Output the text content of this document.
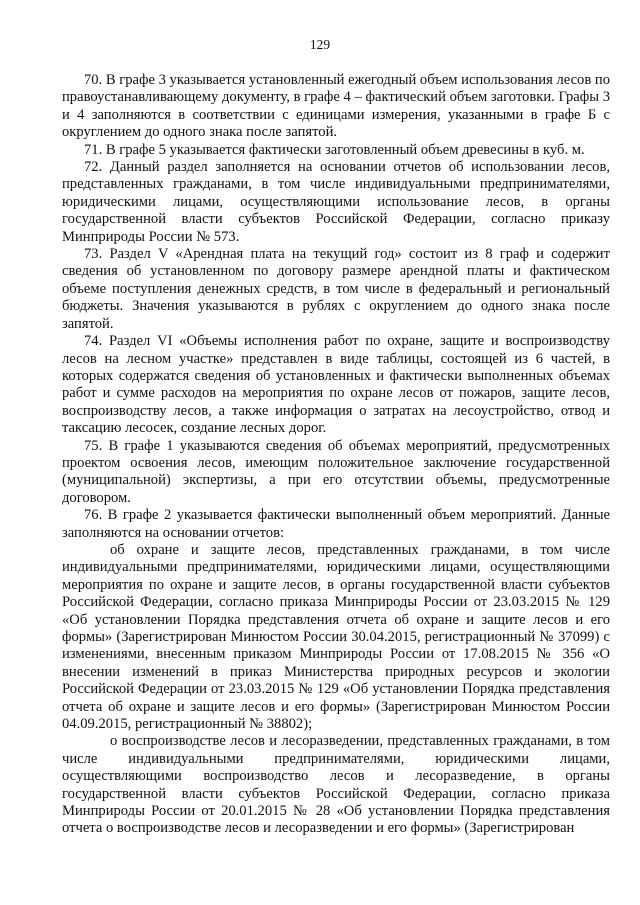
129

70. В графе 3 указывается установленный ежегодный объем использования лесов по правоустанавливающему документу, в графе 4 – фактический объем заготовки. Графы 3 и 4 заполняются в соответствии с единицами измерения, указанными в графе Б с округлением до одного знака после запятой.

71. В графе 5 указывается фактически заготовленный объем древесины в куб. м.

72. Данный раздел заполняется на основании отчетов об использовании лесов, представленных гражданами, в том числе индивидуальными предпринимателями, юридическими лицами, осуществляющими использование лесов, в органы государственной власти субъектов Российской Федерации, согласно приказу Минприроды России № 573.

73. Раздел V «Арендная плата на текущий год» состоит из 8 граф и содержит сведения об установленном по договору размере арендной платы и фактическом объеме поступления денежных средств, в том числе в федеральный и региональный бюджеты. Значения указываются в рублях с округлением до одного знака после запятой.

74. Раздел VI «Объемы исполнения работ по охране, защите и воспроизводству лесов на лесном участке» представлен в виде таблицы, состоящей из 6 частей, в которых содержатся сведения об установленных и фактически выполненных объемах работ и сумме расходов на мероприятия по охране лесов от пожаров, защите лесов, воспроизводству лесов, а также информация о затратах на лесоустройство, отвод и таксацию лесосек, создание лесных дорог.

75. В графе 1 указываются сведения об объемах мероприятий, предусмотренных проектом освоения лесов, имеющим положительное заключение государственной (муниципальной) экспертизы, а при его отсутствии объемы, предусмотренные договором.

76. В графе 2 указывается фактически выполненный объем мероприятий. Данные заполняются на основании отчетов:

об охране и защите лесов, представленных гражданами, в том числе индивидуальными предпринимателями, юридическими лицами, осуществляющими мероприятия по охране и защите лесов, в органы государственной власти субъектов Российской Федерации, согласно приказа Минприроды России от 23.03.2015 № 129 «Об установлении Порядка представления отчета об охране и защите лесов и его формы» (Зарегистрирован Минюстом России 30.04.2015, регистрационный № 37099) с изменениями, внесенным приказом Минприроды России от 17.08.2015 № 356 «О внесении изменений в приказ Министерства природных ресурсов и экологии Российской Федерации от 23.03.2015 № 129 «Об установлении Порядка представления отчета об охране и защите лесов и его формы» (Зарегистрирован Минюстом России 04.09.2015, регистрационный № 38802);

о воспроизводстве лесов и лесоразведении, представленных гражданами, в том числе индивидуальными предпринимателями, юридическими лицами, осуществляющими воспроизводство лесов и лесоразведение, в органы государственной власти субъектов Российской Федерации, согласно приказа Минприроды России от 20.01.2015 № 28 «Об установлении Порядка представления отчета о воспроизводстве лесов и лесоразведении и его формы» (Зарегистрирован
